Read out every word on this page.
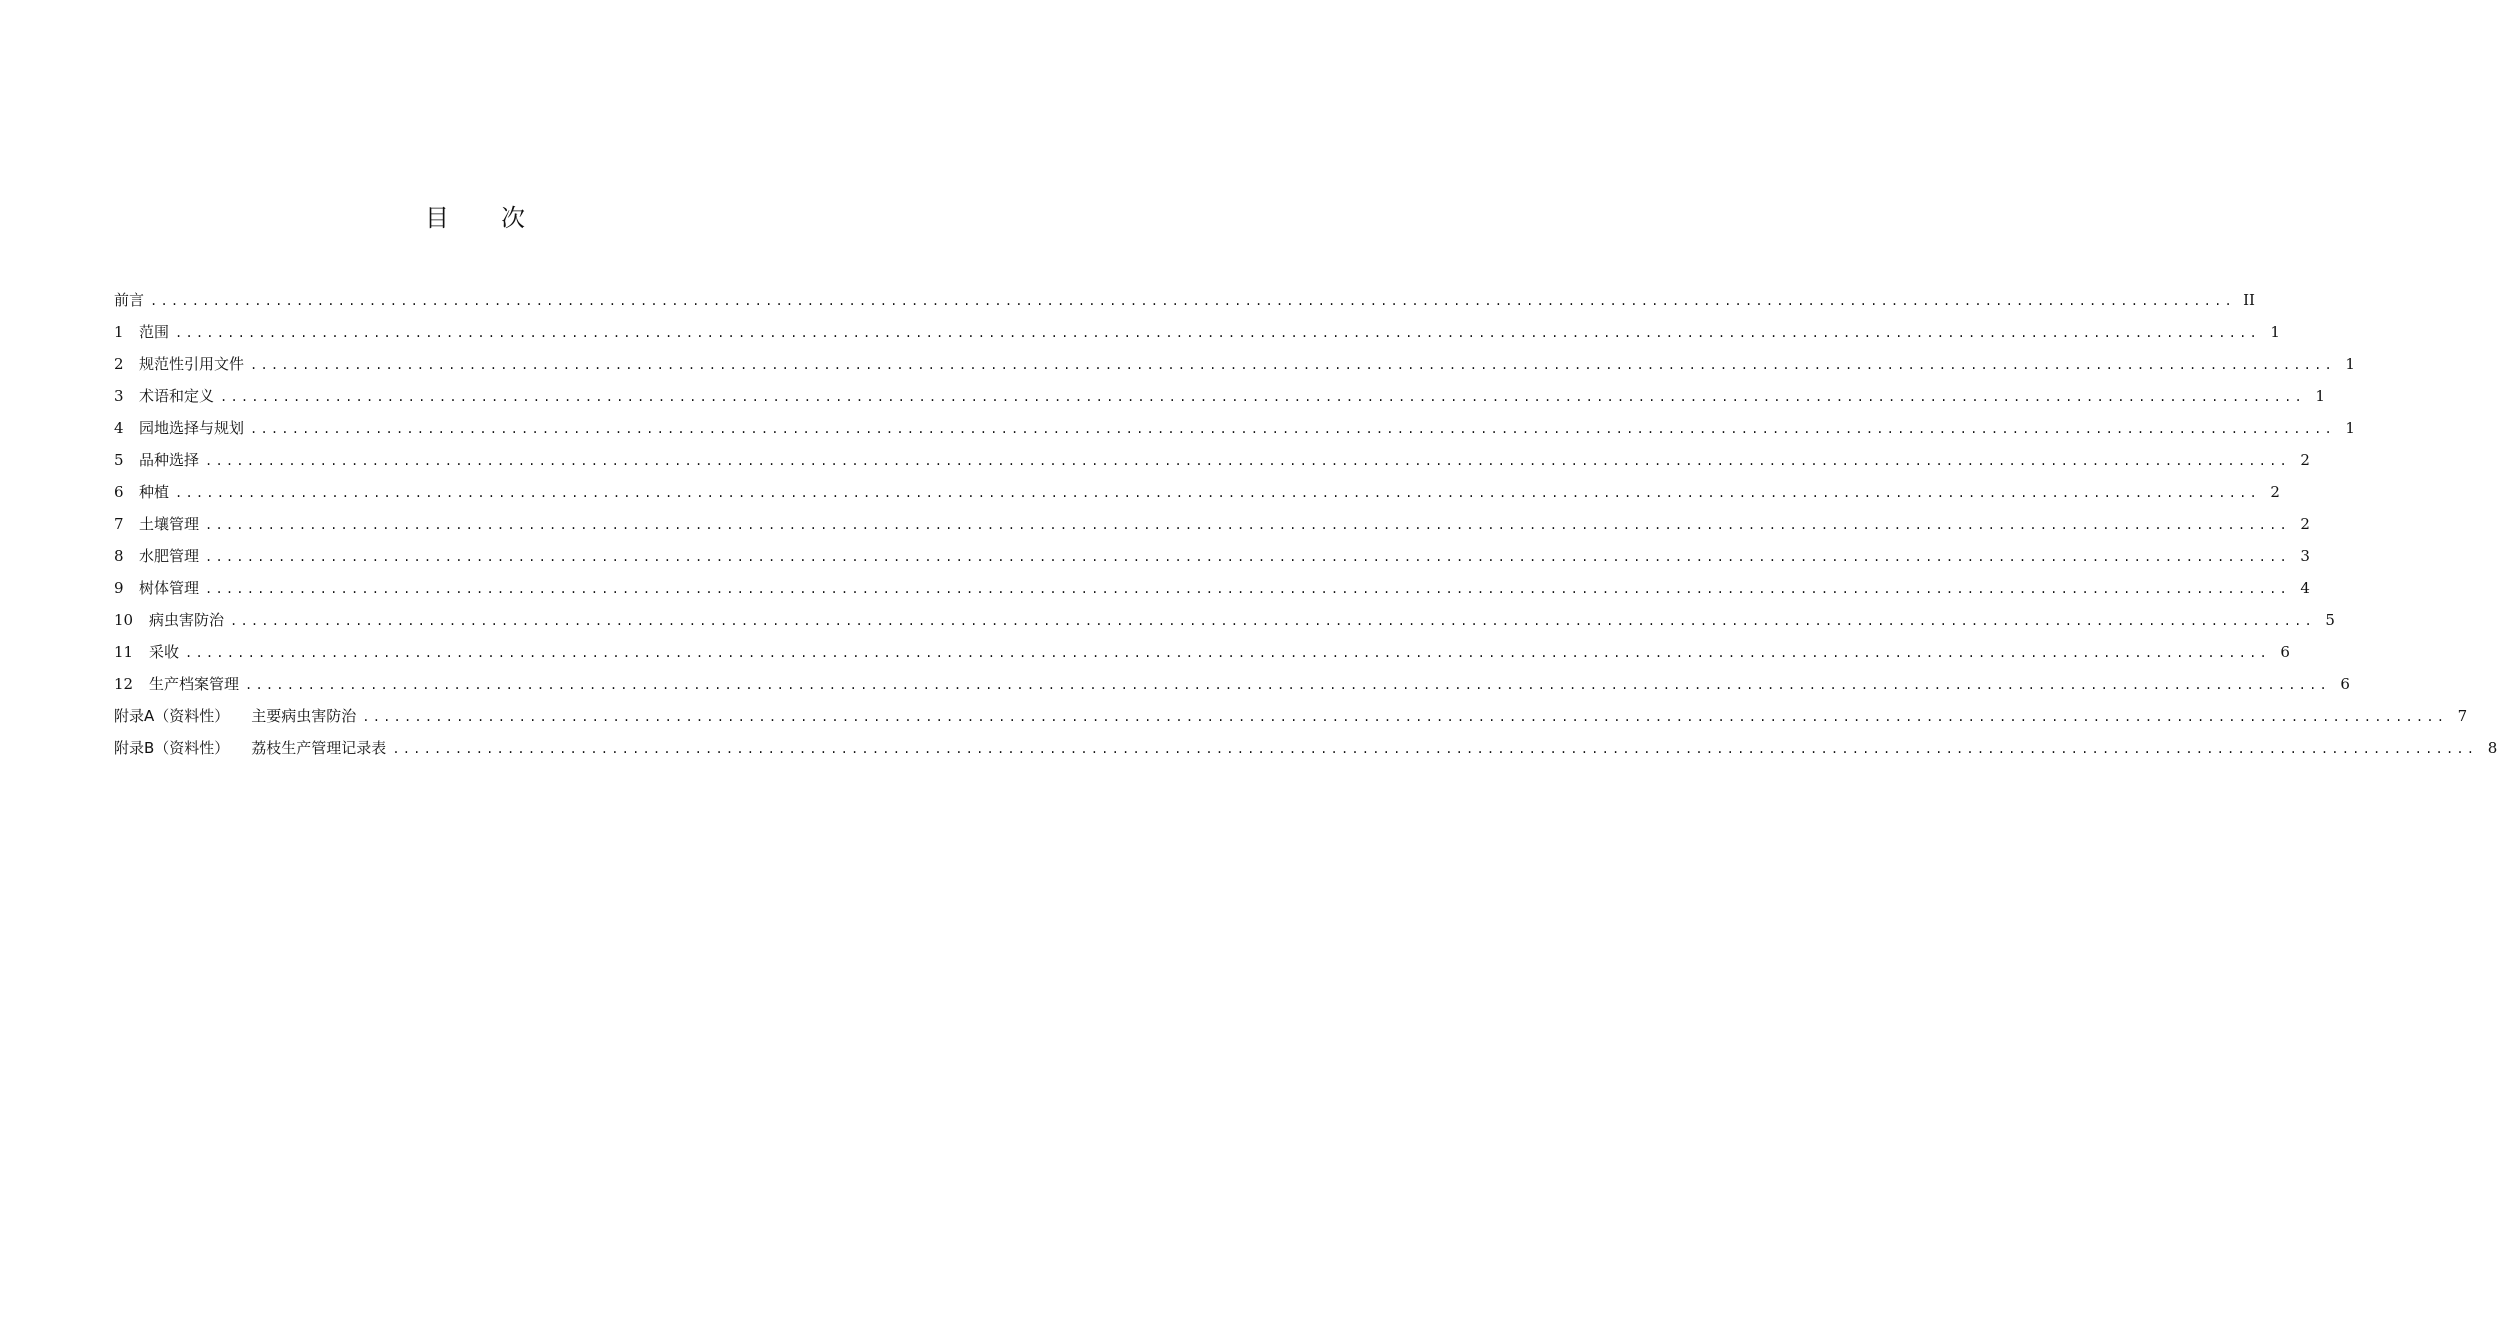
目 次
前言 ........................................................................................................................................................................................................ II
1	范围 ........................................................................................................................................................................................................ 1
2	规范性引用文件 ........................................................................................................................................................................................................ 1
3	术语和定义 ........................................................................................................................................................................................................ 1
4	园地选择与规划 ........................................................................................................................................................................................................ 1
5	品种选择 ........................................................................................................................................................................................................ 2
6	种植 ........................................................................................................................................................................................................ 2
7	土壤管理 ........................................................................................................................................................................................................ 2
8	水肥管理 ........................................................................................................................................................................................................ 3
9	树体管理 ........................................................................................................................................................................................................ 4
10	病虫害防治 ........................................................................................................................................................................................................ 5
11	采收 ........................................................................................................................................................................................................ 6
12	生产档案管理 ........................................................................................................................................................................................................ 6
附录A（资料性） 主要病虫害防治 ........................................................................................................................................................................................................ 7
附录B（资料性） 荔枝生产管理记录表 ........................................................................................................................................................................................................ 8
